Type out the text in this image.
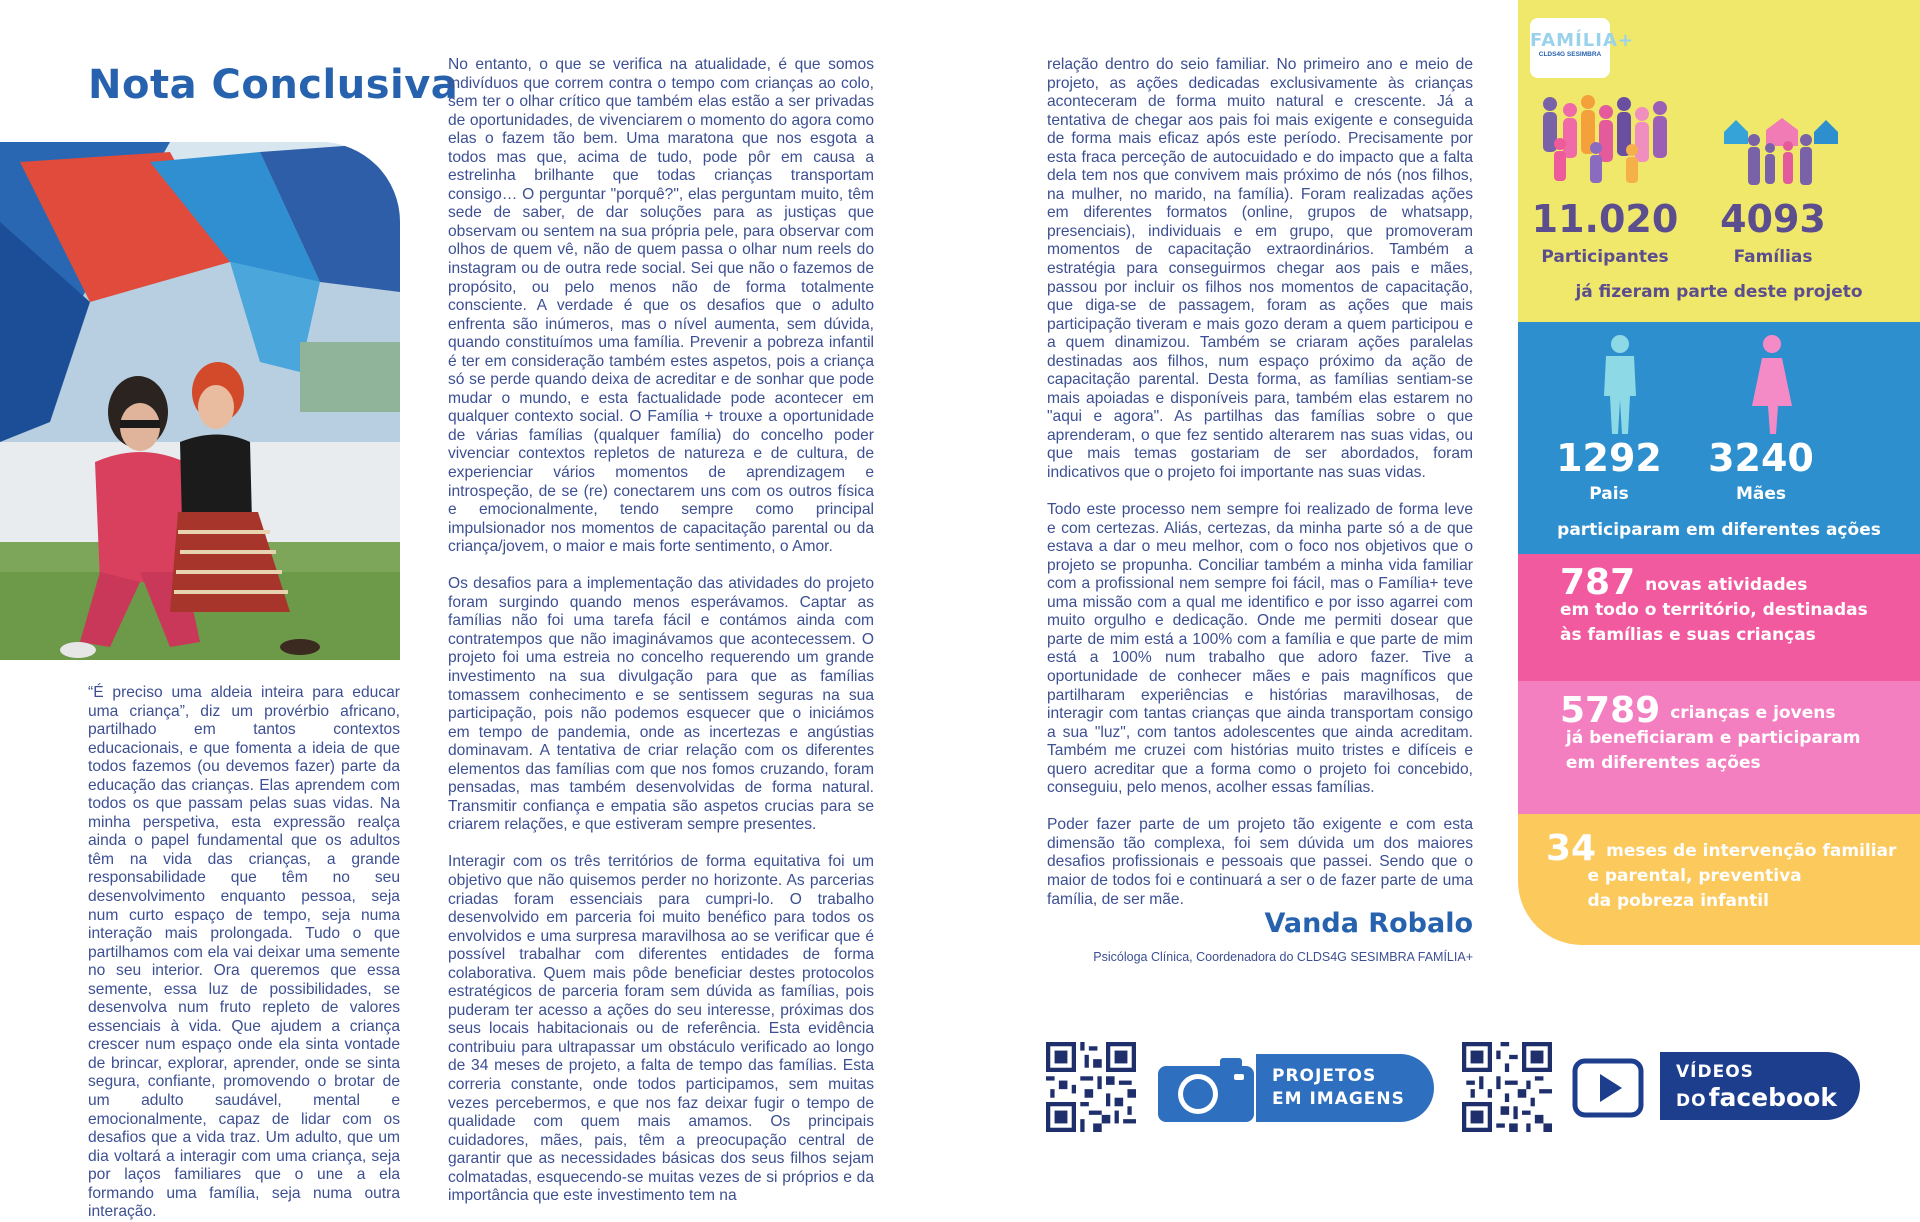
Nota Conclusiva

“É preciso uma aldeia inteira para educar uma criança”, diz um provérbio africano, partilhado em tantos contextos educacionais, e que fomenta a ideia de que todos fazemos (ou devemos fazer) parte da educação das crianças. Elas aprendem com todos os que passam pelas suas vidas. Na minha perspetiva, esta expressão realça ainda o papel fundamental que os adultos têm na vida das crianças, a grande responsabilidade que têm no seu desenvolvimento enquanto pessoa, seja num curto espaço de tempo, seja numa interação mais prolongada. Tudo o que partilhamos com ela vai deixar uma semente no seu interior. Ora queremos que essa semente, essa luz de possibilidades, se desenvolva num fruto repleto de valores essenciais à vida. Que ajudem a criança crescer num espaço onde ela sinta vontade de brincar, explorar, aprender, onde se sinta segura, confiante, promovendo o brotar de um adulto saudável, mental e emocionalmente, capaz de lidar com os desafios que a vida traz. Um adulto, que um dia voltará a interagir com uma criança, seja por laços familiares que o une a ela formando uma família, seja numa outra interação.

No entanto, o que se verifica na atualidade, é que somos indivíduos que correm contra o tempo com crianças ao colo, sem ter o olhar crítico que também elas estão a ser privadas de oportunidades, de vivenciarem o momento do agora como elas o fazem tão bem. Uma maratona que nos esgota a todos mas que, acima de tudo, pode pôr em causa a estrelinha brilhante que todas crianças transportam consigo… O perguntar "porquê?", elas perguntam muito, têm sede de saber, de dar soluções para as justiças que observam ou sentem na sua própria pele, para observar com olhos de quem vê, não de quem passa o olhar num reels do instagram ou de outra rede social. Sei que não o fazemos de propósito, ou pelo menos não de forma totalmente consciente. A verdade é que os desafios que o adulto enfrenta são inúmeros, mas o nível aumenta, sem dúvida, quando constituímos uma família. Prevenir a pobreza infantil é ter em consideração também estes aspetos, pois a criança só se perde quando deixa de acreditar e de sonhar que pode mudar o mundo, e esta factualidade pode acontecer em qualquer contexto social. O Família + trouxe a oportunidade de várias famílias (qualquer família) do concelho poder vivenciar contextos repletos de natureza e de cultura, de experienciar vários momentos de aprendizagem e introspeção, de se (re) conectarem uns com os outros física e emocionalmente, tendo sempre como principal impulsionador nos momentos de capacitação parental ou da criança/jovem, o maior e mais forte sentimento, o Amor.

Os desafios para a implementação das atividades do projeto foram surgindo quando menos esperávamos. Captar as famílias não foi uma tarefa fácil e contámos ainda com contratempos que não imaginávamos que acontecessem. O projeto foi uma estreia no concelho requerendo um grande investimento na sua divulgação para que as famílias tomassem conhecimento e se sentissem seguras na sua participação, pois não podemos esquecer que o iniciámos em tempo de pandemia, onde as incertezas e angústias dominavam. A tentativa de criar relação com os diferentes elementos das famílias com que nos fomos cruzando, foram pensadas, mas também desenvolvidas de forma natural. Transmitir confiança e empatia são aspetos crucias para se criarem relações, e que estiveram sempre presentes.

Interagir com os três territórios de forma equitativa foi um objetivo que não quisemos perder no horizonte. As parcerias criadas foram essenciais para cumpri-lo. O trabalho desenvolvido em parceria foi muito benéfico para todos os envolvidos e uma surpresa maravilhosa ao se verificar que é possível trabalhar com diferentes entidades de forma colaborativa. Quem mais pôde beneficiar destes protocolos estratégicos de parceria foram sem dúvida as famílias, pois puderam ter acesso a ações do seu interesse, próximas dos seus locais habitacionais ou de referência. Esta evidência contribuiu para ultrapassar um obstáculo verificado ao longo de 34 meses de projeto, a falta de tempo das famílias. Esta correria constante, onde todos participamos, sem muitas vezes percebermos, e que nos faz deixar fugir o tempo de qualidade com quem mais amamos. Os principais cuidadores, mães, pais, têm a preocupação central de garantir que as necessidades básicas dos seus filhos sejam colmatadas, esquecendo-se muitas vezes de si próprios e da importância que este investimento tem na

relação dentro do seio familiar. No primeiro ano e meio de projeto, as ações dedicadas exclusivamente às crianças aconteceram de forma muito natural e crescente. Já a tentativa de chegar aos pais foi mais exigente e conseguida de forma mais eficaz após este período. Precisamente por esta fraca perceção de autocuidado e do impacto que a falta dela tem nos que convivem mais próximo de nós (nos filhos, na mulher, no marido, na família). Foram realizadas ações em diferentes formatos (online, grupos de whatsapp, presenciais), individuais e em grupo, que promoveram momentos de capacitação extraordinários. Também a estratégia para conseguirmos chegar aos pais e mães, passou por incluir os filhos nos momentos de capacitação, que diga-se de passagem, foram as ações que mais participação tiveram e mais gozo deram a quem participou e a quem dinamizou. Também se criaram ações paralelas destinadas aos filhos, num espaço próximo da ação de capacitação parental. Desta forma, as famílias sentiam-se mais apoiadas e disponíveis para, também elas estarem no "aqui e agora". As partilhas das famílias sobre o que aprenderam, o que fez sentido alterarem nas suas vidas, ou que mais temas gostariam de ser abordados, foram indicativos que o projeto foi importante nas suas vidas.

Todo este processo nem sempre foi realizado de forma leve e com certezas. Aliás, certezas, da minha parte só a de que estava a dar o meu melhor, com o foco nos objetivos que o projeto se propunha. Conciliar também a minha vida familiar com a profissional nem sempre foi fácil, mas o Família+ teve uma missão com a qual me identifico e por isso agarrei com muito orgulho e dedicação. Onde me permiti dosear que parte de mim está a 100% com a família e que parte de mim está a 100% num trabalho que adoro fazer. Tive a oportunidade de conhecer mães e pais magníficos que partilharam experiências e histórias maravilhosas, de interagir com tantas crianças que ainda transportam consigo a sua "luz", com tantos adolescentes que ainda acreditam. Também me cruzei com histórias muito tristes e difíceis e quero acreditar que a forma como o projeto foi concebido, conseguiu, pelo menos, acolher essas famílias.

Poder fazer parte de um projeto tão exigente e com esta dimensão tão complexa, foi sem dúvida um dos maiores desafios profissionais e pessoais que passei. Sendo que o maior de todos foi e continuará a ser o de fazer parte de uma família, de ser mãe.

Vanda Robalo
Psicóloga Clínica, Coordenadora do CLDS4G SESIMBRA FAMÍLIA+
FAMÍLIA+
CLDS4G SESIMBRA
11.020	4093
Participantes	Famílias
já fizeram parte deste projeto
1292	3240
Pais	Mães
participaram em diferentes ações
787 novas atividades
em todo o território, destinadas
às famílias e suas crianças
5789 crianças e jovens
já beneficiaram e participaram
em diferentes ações
34 meses de intervenção familiar
e parental, preventiva
da pobreza infantil
PROJETOS
EM IMAGENS
VÍDEOS
DOfacebook
